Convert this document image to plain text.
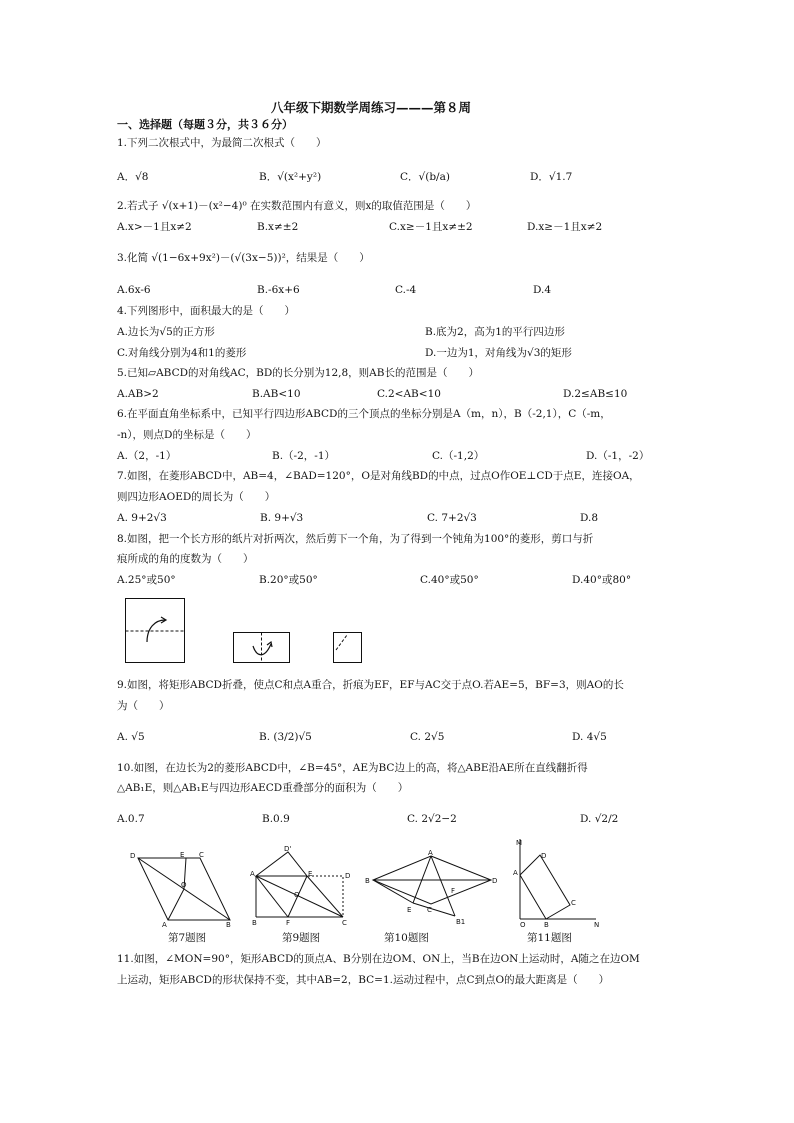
八年级下期数学周练习———第８周
一、选择题（每题３分，共３６分）
1.下列二次根式中，为最简二次根式（　　）
A．√8	B．√(x²+y²)	C．√(b/a)	D．√1.7
2.若式子 √(x+1)－(x²−4)⁰ 在实数范围内有意义，则x的取值范围是（　　）
A.x>－1且x≠2	B.x≠±2	C.x≥－1且x≠±2	D.x≥－1且x≠2
3.化简 √(1−6x+9x²)－(√(3x−5))²，结果是（　　）
A.6x-6	B.-6x+6	C.-4	D.4
4.下列图形中，面积最大的是（　　）
A.边长为√5的正方形	B.底为2，高为1的平行四边形
C.对角线分别为4和1的菱形	D.一边为1，对角线为√3的矩形
5.已知▱ABCD的对角线AC，BD的长分别为12,8，则AB长的范围是（　　）
A.AB>2	B.AB<10	C.2<AB<10	D.2≤AB≤10
6.在平面直角坐标系中，已知平行四边形ABCD的三个顶点的坐标分别是A（m，n），B（-2,1），C（-m，
-n），则点D的坐标是（　　）
A.（2，-1）	B.（-2，-1）	C.（-1,2）	D.（-1，-2）
7.如图，在菱形ABCD中，AB=4，∠BAD=120°，O是对角线BD的中点，过点O作OE⊥CD于点E，连接OA，
则四边形AOED的周长为（　　）
A. 9+2√3	B. 9+√3	C. 7+2√3	D.8
8.如图，把一个长方形的纸片对折两次，然后剪下一个角，为了得到一个钝角为100°的菱形，剪口与折
痕所成的角的度数为（　　）
A.25°或50°	B.20°或50°	C.40°或50°	D.40°或80°
9.如图，将矩形ABCD折叠，使点C和点A重合，折痕为EF，EF与AC交于点O.若AE=5，BF=3，则AO的长
为（　　）
A. √5	B. (3/2)√5	C. 2√5	D. 4√5
10.如图，在边长为2的菱形ABCD中，∠B=45°，AE为BC边上的高，将△ABE沿AE所在直线翻折得
△AB₁E，则△AB₁E与四边形AECD重叠部分的面积为（　　）
A.0.7	B.0.9	C. 2√2−2	D. √2/2
D	E C
O
A	B
第7题图
D'
A	E	D
O
B	F	C
第9题图
A
B	D
F
E C
B1
第10题图
M
D
A
C
O	B	N
第11题图
11.如图，∠MON=90°，矩形ABCD的顶点A、B分别在边OM、ON上，当B在边ON上运动时，A随之在边OM
上运动，矩形ABCD的形状保持不变，其中AB=2，BC=1.运动过程中，点C到点O的最大距离是（　　）
